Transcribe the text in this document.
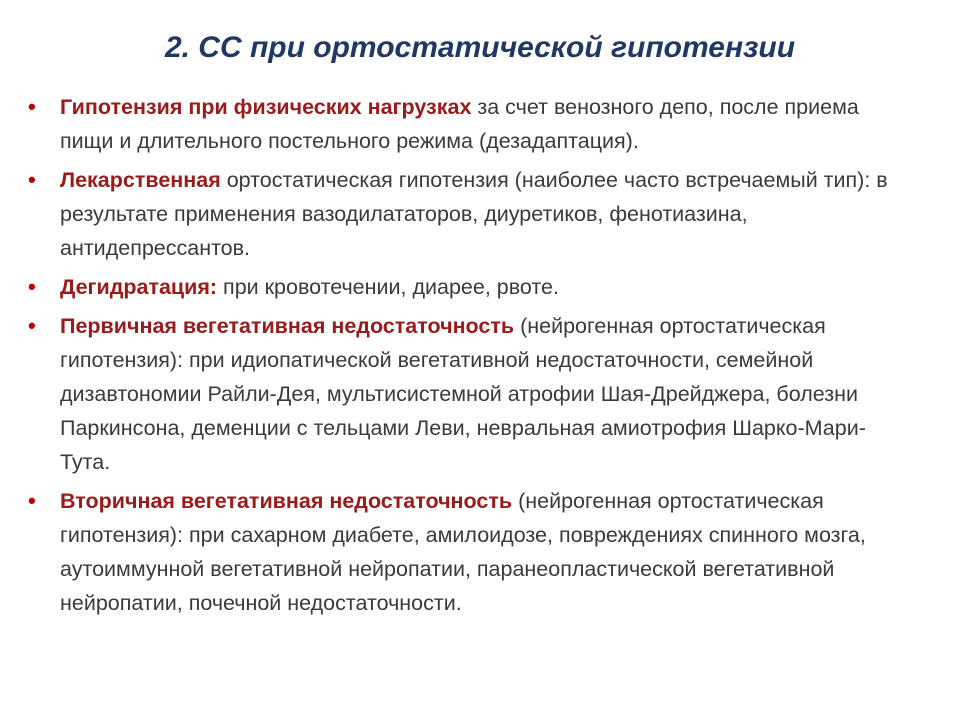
2. СС при ортостатической гипотензии
• Гипотензия при физических нагрузках за счет венозного депо, после приема пищи и длительного постельного режима (дезадаптация).
• Лекарственная ортостатическая гипотензия (наиболее часто встречаемый тип): в результате применения вазодилататоров, диуретиков, фенотиазина, антидепрессантов.
• Дегидратация: при кровотечении, диарее, рвоте.
• Первичная вегетативная недостаточность (нейрогенная ортостатическая гипотензия): при идиопатической вегетативной недостаточности, семейной дизавтономии Райли-Дея, мультисистемной атрофии Шая-Дрейджера, болезни Паркинсона, деменции с тельцами Леви, невральная амиотрофия Шарко-Мари-Тута.
• Вторичная вегетативная недостаточность (нейрогенная ортостатическая гипотензия): при сахарном диабете, амилоидозе, повреждениях спинного мозга, аутоиммунной вегетативной нейропатии, паранеопластической вегетативной нейропатии, почечной недостаточности.
